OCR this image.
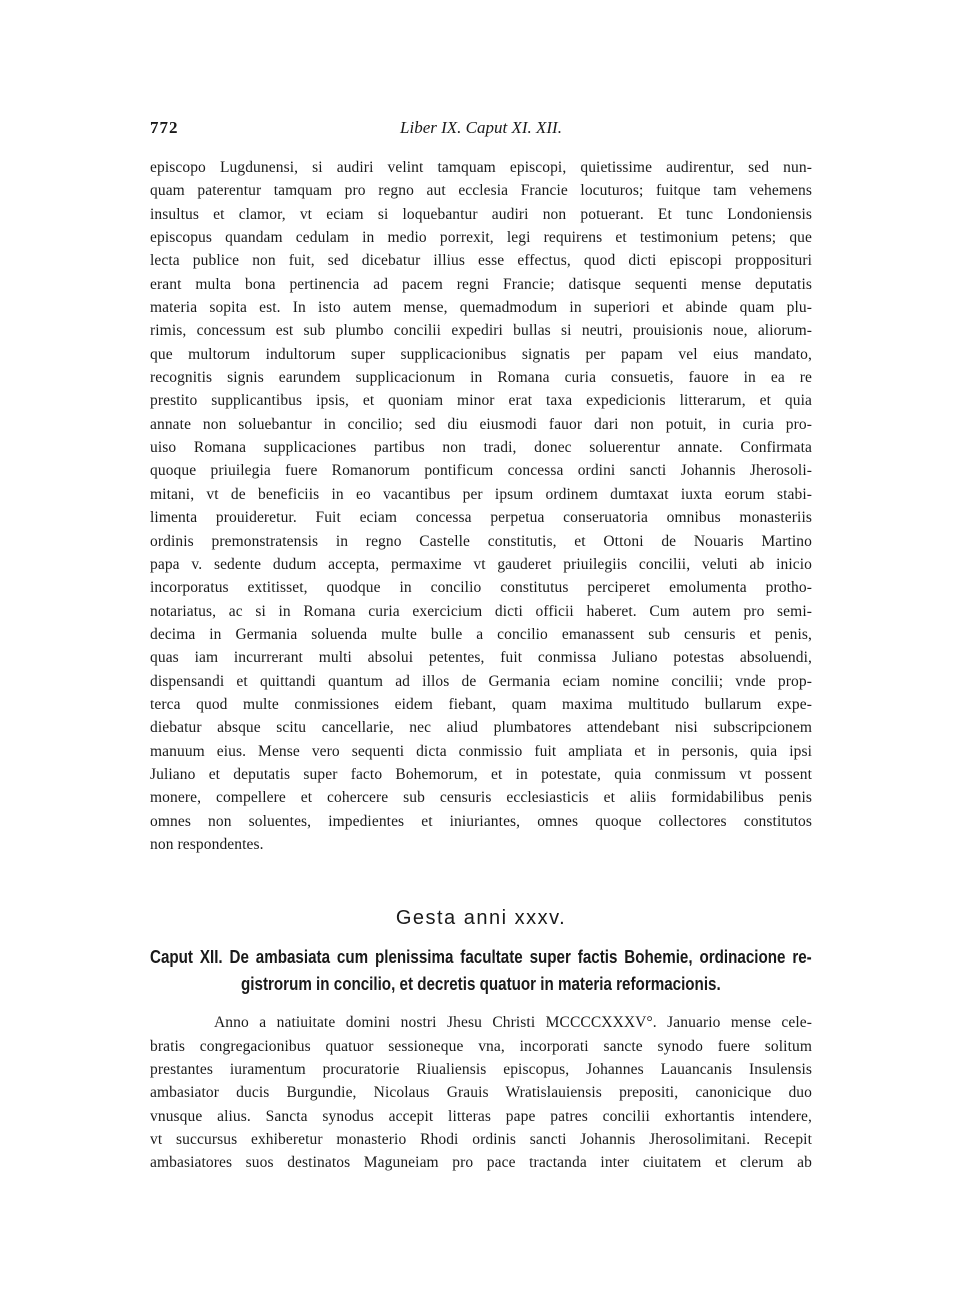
772	Liber IX. Caput XI. XII.
episcopo Lugdunensi, si audiri velint tamquam episcopi, quietissime audirentur, sed nun-
quam paterentur tamquam pro regno aut ecclesia Francie locuturos; fuitque tam vehemens
insultus et clamor, vt eciam si loquebantur audiri non potuerant. Et tunc Londoniensis
episcopus quandam cedulam in medio porrexit, legi requirens et testimonium petens; que
lecta publice non fuit, sed dicebatur illius esse effectus, quod dicti episcopi propposituri
erant multa bona pertinencia ad pacem regni Francie; datisque sequenti mense deputatis
materia sopita est. In isto autem mense, quemadmodum in superiori et abinde quam plu-
rimis, concessum est sub plumbo concilii expediri bullas si neutri, prouisionis noue, aliorum-
que multorum indultorum super supplicacionibus signatis per papam vel eius mandato,
recognitis signis earundem supplicacionum in Romana curia consuetis, fauore in ea re
prestito supplicantibus ipsis, et quoniam minor erat taxa expedicionis litterarum, et quia
annate non soluebantur in concilio; sed diu eiusmodi fauor dari non potuit, in curia pro-
uiso Romana supplicaciones partibus non tradi, donec soluerentur annate. Confirmata
quoque priuilegia fuere Romanorum pontificum concessa ordini sancti Johannis Jherosoli-
mitani, vt de beneficiis in eo vacantibus per ipsum ordinem dumtaxat iuxta eorum stabi-
limenta prouideretur. Fuit eciam concessa perpetua conseruatoria omnibus monasteriis
ordinis premonstratensis in regno Castelle constitutis, et Ottoni de Nouaris Martino
papa v. sedente dudum accepta, permaxime vt gauderet priuilegiis concilii, veluti ab inicio
incorporatus extitisset, quodque in concilio constitutus perciperet emolumenta protho-
notariatus, ac si in Romana curia exercicium dicti officii haberet. Cum autem pro semi-
decima in Germania soluenda multe bulle a concilio emanassent sub censuris et penis,
quas iam incurrerant multi absolui petentes, fuit conmissa Juliano potestas absoluendi,
dispensandi et quittandi quantum ad illos de Germania eciam nomine concilii; vnde prop-
terca quod multe conmissiones eidem fiebant, quam maxima multitudo bullarum expe-
diebatur absque scitu cancellarie, nec aliud plumbatores attendebant nisi subscripcionem
manuum eius. Mense vero sequenti dicta conmissio fuit ampliata et in personis, quia ipsi
Juliano et deputatis super facto Bohemorum, et in potestate, quia conmissum vt possent
monere, compellere et cohercere sub censuris ecclesiasticis et aliis formidabilibus penis
omnes non soluentes, impedientes et iniuriantes, omnes quoque collectores constitutos
non respondentes.
Gesta anni xxxv.
Caput XII. De ambasiata cum plenissima facultate super factis Bohemie, ordinacione re-
gistrorum in concilio, et decretis quatuor in materia reformacionis.
Anno a natiuitate domini nostri Jhesu Christi MCCCCXXXV°. Januario mense cele-
bratis congregacionibus quatuor sessioneque vna, incorporati sancte synodo fuere solitum
prestantes iuramentum procuratorie Riualiensis episcopus, Johannes Lauancanis Insulensis
ambasiator ducis Burgundie, Nicolaus Grauis Wratislauiensis prepositi, canonicique duo
vnusque alius. Sancta synodus accepit litteras pape patres concilii exhortantis intendere,
vt succursus exhiberetur monasterio Rhodi ordinis sancti Johannis Jherosolimitani. Recepit
ambasiatores suos destinatos Maguneiam pro pace tractanda inter ciuitatem et clerum ab
